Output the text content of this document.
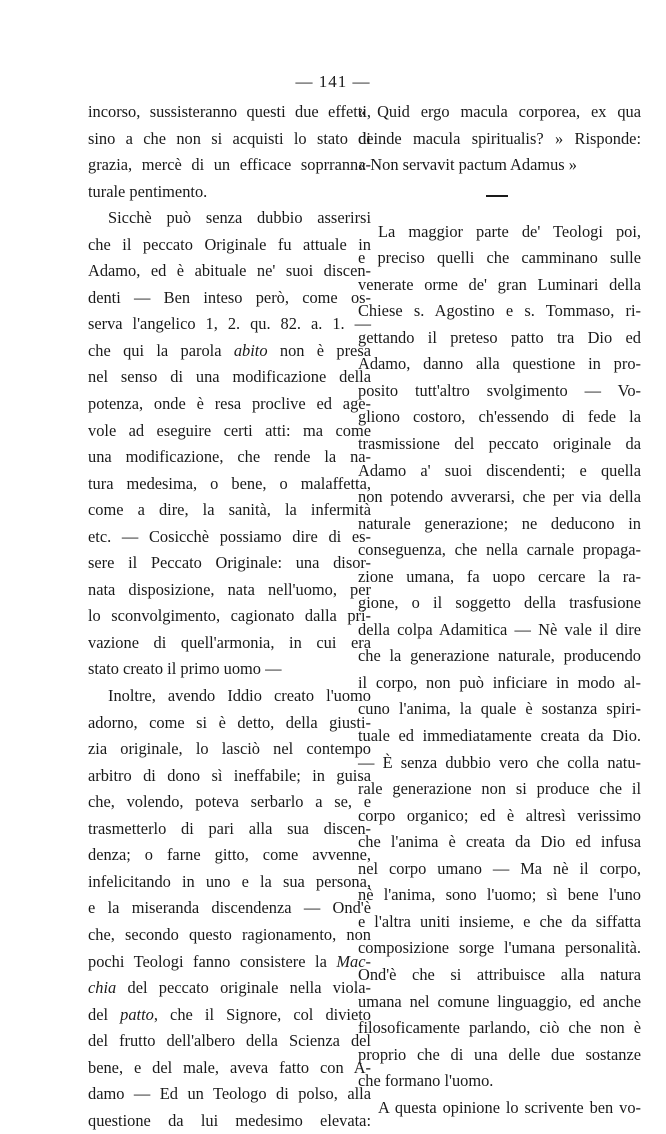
— 141 —
incorso, sussisteranno questi due effetti,
sino a che non si acquisti lo stato di
grazia, mercè di un efficace soprranna-
turale pentimento.
Sicchè può senza dubbio asserirsi
che il peccato Originale fu attuale in
Adamo, ed è abituale ne' suoi discen-
denti — Ben inteso però, come os-
serva l'angelico 1, 2. qu. 82. a. 1. —
che qui la parola abito non è presa
nel senso di una modificazione della
potenza, onde è resa proclive ed age-
vole ad eseguire certi atti: ma come
una modificazione, che rende la na-
tura medesima, o bene, o malaffetta,
come a dire, la sanità, la infermità
etc. — Cosicchè possiamo dire di es-
sere il Peccato Originale: una disor-
nata disposizione, nata nell'uomo, per
lo sconvolgimento, cagionato dalla pri-
vazione di quell'armonia, in cui era
stato creato il primo uomo —
Inoltre, avendo Iddio creato l'uomo
adorno, come si è detto, della giusti-
zia originale, lo lasciò nel contempo
arbitro di dono sì ineffabile; in guisa
che, volendo, poteva serbarlo a se, e
trasmetterlo di pari alla sua discen-
denza; o farne gitto, come avvenne,
infelicitando in uno e la sua persona,
e la miseranda discendenza — Ond'è
che, secondo questo ragionamento, non
pochi Teologi fanno consistere la Mac-
chia del peccato originale nella viola-
del patto, che il Signore, col divieto
del frutto dell'albero della Scienza del
bene, e del male, aveva fatto con A-
damo — Ed un Teologo di polso, alla
questione da lui medesimo elevata:
« Quid ergo macula corporea, ex qua
deinde macula spiritualis? » Risponde:
« Non servavit pactum Adamus »
La maggior parte de' Teologi poi,
e preciso quelli che camminano sulle
venerate orme de' gran Luminari della
Chiese s. Agostino e s. Tommaso, ri-
gettando il preteso patto tra Dio ed
Adamo, danno alla questione in pro-
posito tutt'altro svolgimento — Vo-
gliono costoro, ch'essendo di fede la
trasmissione del peccato originale da
Adamo a' suoi discendenti; e quella
non potendo avverarsi, che per via della
naturale generazione; ne deducono in
conseguenza, che nella carnale propaga-
zione umana, fa uopo cercare la ra-
gione, o il soggetto della trasfusione
della colpa Adamitica — Nè vale il dire
che la generazione naturale, producendo
il corpo, non può inficiare in modo al-
cuno l'anima, la quale è sostanza spiri-
tuale ed immediatamente creata da Dio.
— È senza dubbio vero che colla natu-
rale generazione non si produce che il
corpo organico; ed è altresì verissimo
che l'anima è creata da Dio ed infusa
nel corpo umano — Ma nè il corpo,
nè l'anima, sono l'uomo; sì bene l'uno
e l'altra uniti insieme, e che da siffatta
composizione sorge l'umana personalità.
Ond'è che si attribuisce alla natura
umana nel comune linguaggio, ed anche
filosoficamente parlando, ciò che non è
proprio che di una delle due sostanze
che formano l'uomo.
A questa opinione lo scrivente ben vo-
